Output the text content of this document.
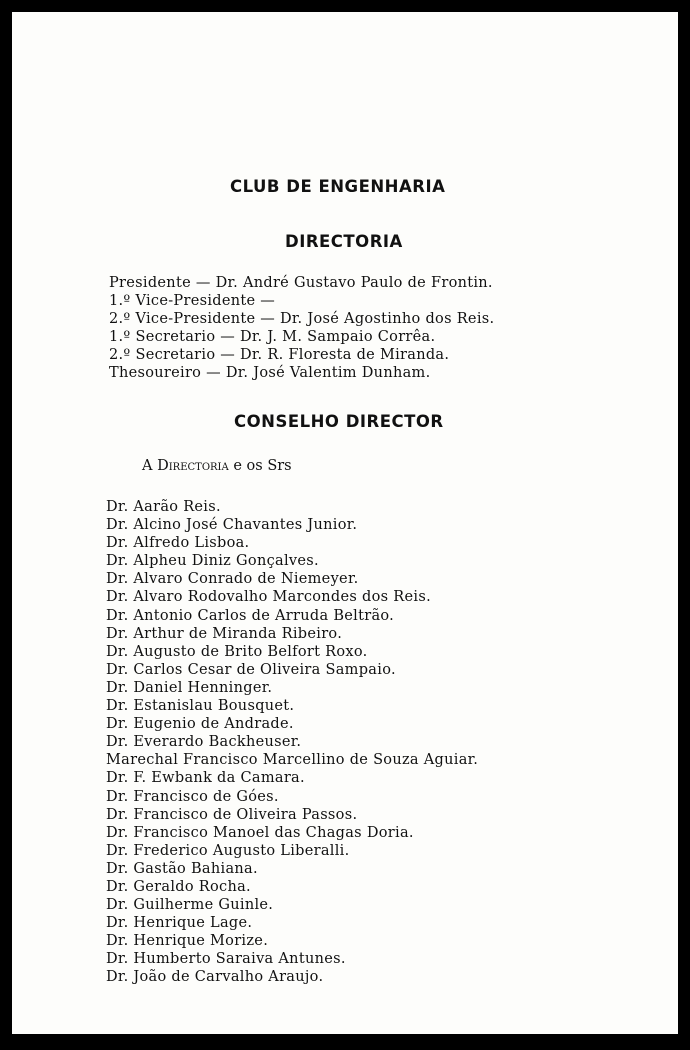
CLUB DE ENGENHARIA
DIRECTORIA
Presidente — Dr. André Gustavo Paulo de Frontin.
1.º Vice-Presidente —
2.º Vice-Presidente — Dr. José Agostinho dos Reis.
1.º Secretario — Dr. J. M. Sampaio Corrêa.
2.º Secretario — Dr. R. Floresta de Miranda.
Thesoureiro — Dr. José Valentim Dunham.
CONSELHO DIRECTOR
A Directoria e os Srs
Dr. Aarão Reis.
Dr. Alcino José Chavantes Junior.
Dr. Alfredo Lisboa.
Dr. Alpheu Diniz Gonçalves.
Dr. Alvaro Conrado de Niemeyer.
Dr. Alvaro Rodovalho Marcondes dos Reis.
Dr. Antonio Carlos de Arruda Beltrão.
Dr. Arthur de Miranda Ribeiro.
Dr. Augusto de Brito Belfort Roxo.
Dr. Carlos Cesar de Oliveira Sampaio.
Dr. Daniel Henninger.
Dr. Estanislau Bousquet.
Dr. Eugenio de Andrade.
Dr. Everardo Backheuser.
Marechal Francisco Marcellino de Souza Aguiar.
Dr. F. Ewbank da Camara.
Dr. Francisco de Góes.
Dr. Francisco de Oliveira Passos.
Dr. Francisco Manoel das Chagas Doria.
Dr. Frederico Augusto Liberalli.
Dr. Gastão Bahiana.
Dr. Geraldo Rocha.
Dr. Guilherme Guinle.
Dr. Henrique Lage.
Dr. Henrique Morize.
Dr. Humberto Saraiva Antunes.
Dr. João de Carvalho Araujo.
